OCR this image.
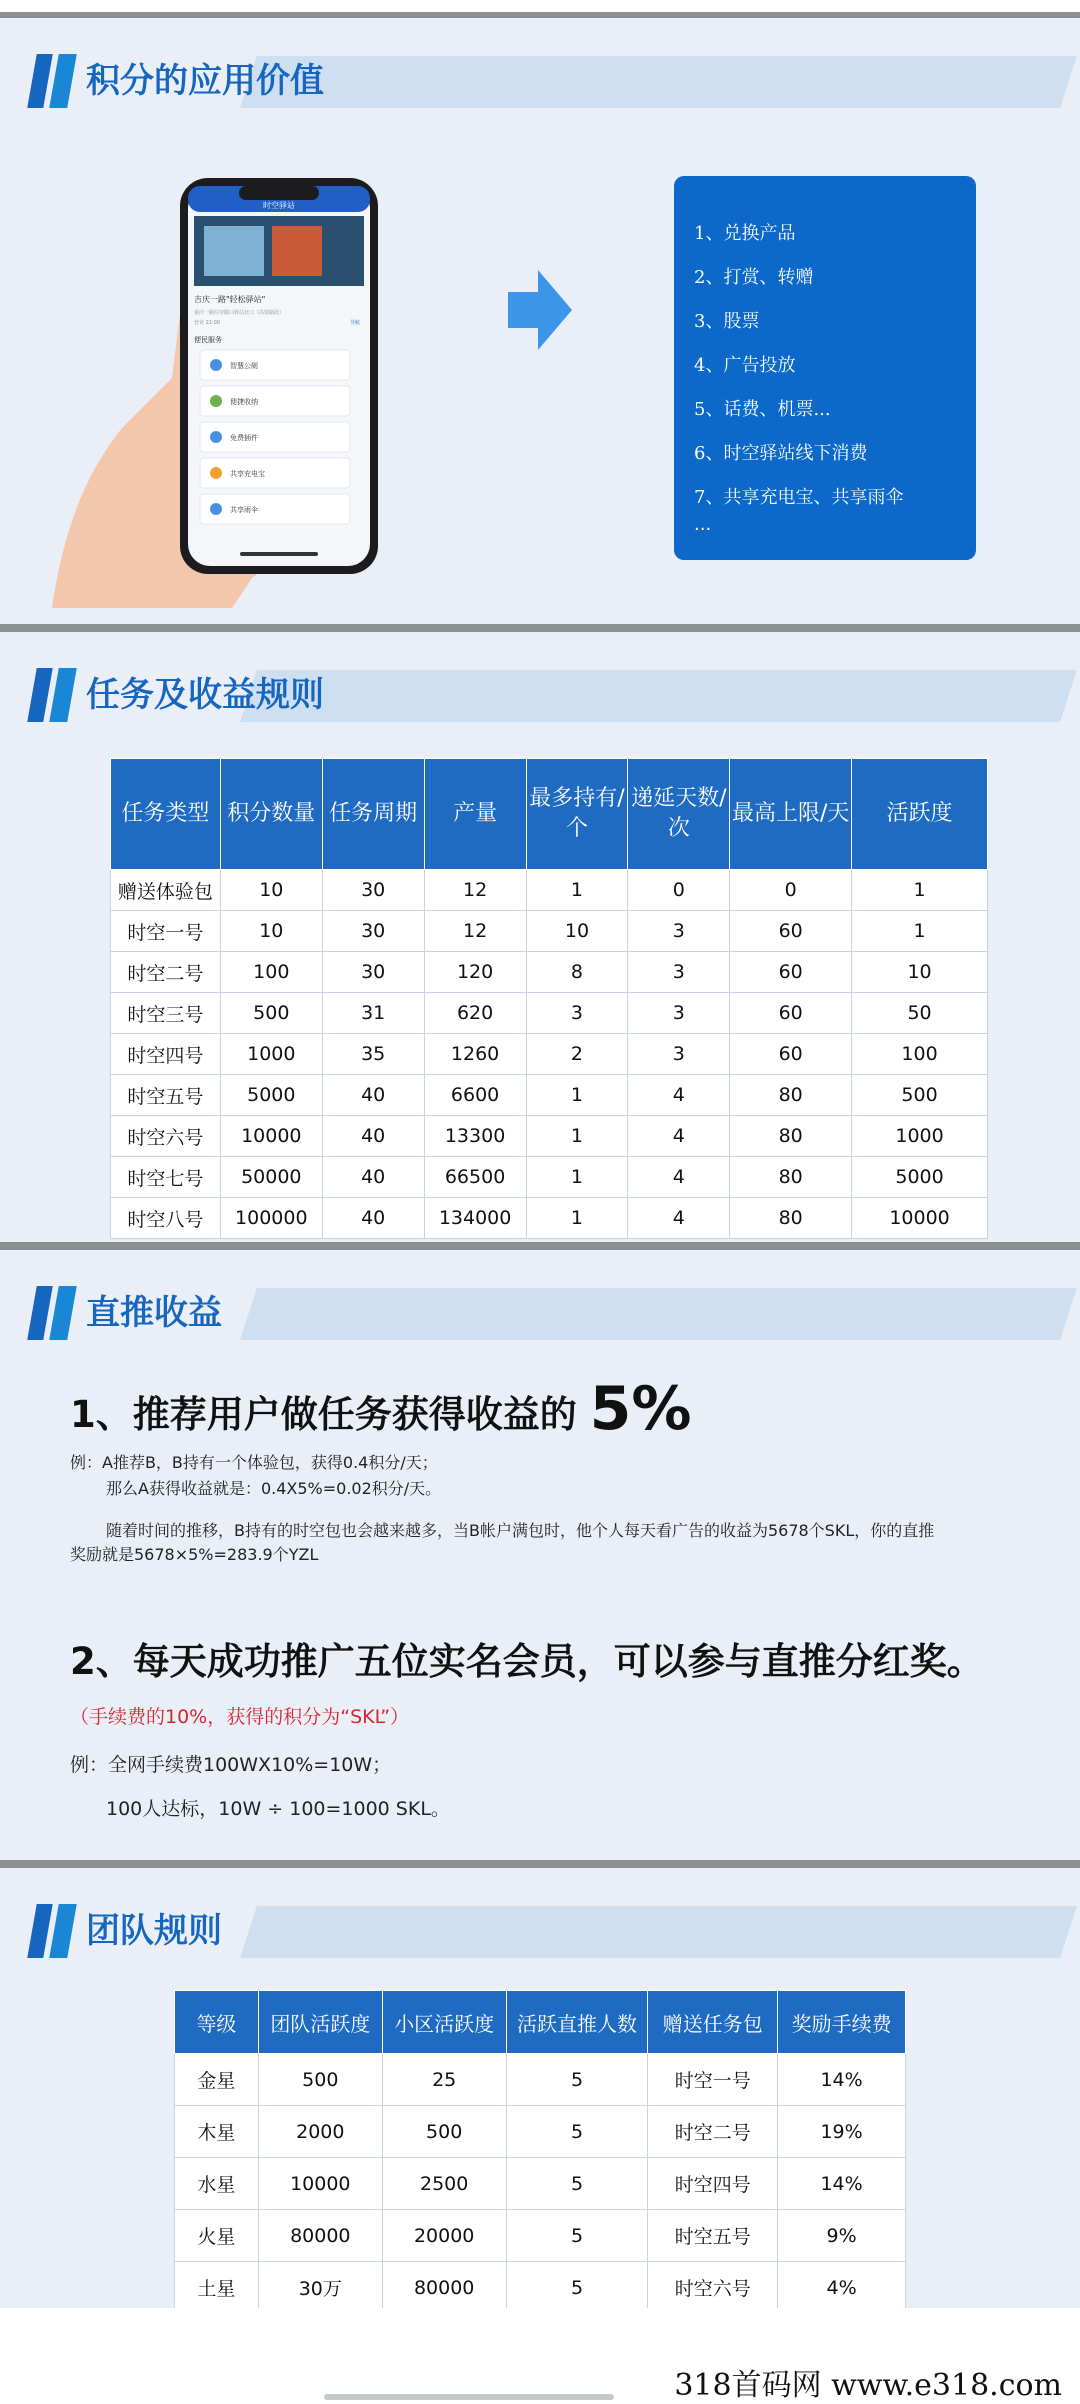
积分的应用价值
时空驿站
吉庆一路"轻松驿站"
重庆一路往旁路口驿站北口（高铁路段）
营业 22:00	导航
便民服务
智慧公厕
便捷收纳
免费插件
共享充电宝
共享雨伞
1、兑换产品
2、打赏、转赠
3、股票
4、广告投放
5、话费、机票...
6、时空驿站线下消费
7、共享充电宝、共享雨伞
...
任务及收益规则
任务类型	积分数量	任务周期	产量	最多持有/个	递延天数/次	最高上限/天	活跃度
赠送体验包	10	30	12	1	0	0	1
时空一号	10	30	12	10	3	60	1
时空二号	100	30	120	8	3	60	10
时空三号	500	31	620	3	3	60	50
时空四号	1000	35	1260	2	3	60	100
时空五号	5000	40	6600	1	4	80	500
时空六号	10000	40	13300	1	4	80	1000
时空七号	50000	40	66500	1	4	80	5000
时空八号	100000	40	134000	1	4	80	10000
直推收益
1、推荐用户做任务获得收益的 5%
例：A推荐B，B持有一个体验包，获得0.4积分/天；
那么A获得收益就是：0.4X5%=0.02积分/天。
随着时间的推移，B持有的时空包也会越来越多，当B帐户满包时，他个人每天看广告的收益为5678个SKL，你的直推
奖励就是5678×5%=283.9个YZL
2、每天成功推广五位实名会员，可以参与直推分红奖。
（手续费的10%，获得的积分为“SKL”）
例：全网手续费100WX10%=10W；
100人达标，10W ÷ 100=1000 SKL。
团队规则
等级	团队活跃度	小区活跃度	活跃直推人数	赠送任务包	奖励手续费
金星	500	25	5	时空一号	14%
木星	2000	500	5	时空二号	19%
水星	10000	2500	5	时空四号	14%
火星	80000	20000	5	时空五号	9%
土星	30万	80000	5	时空六号	4%
318首码网 www.e318.com
